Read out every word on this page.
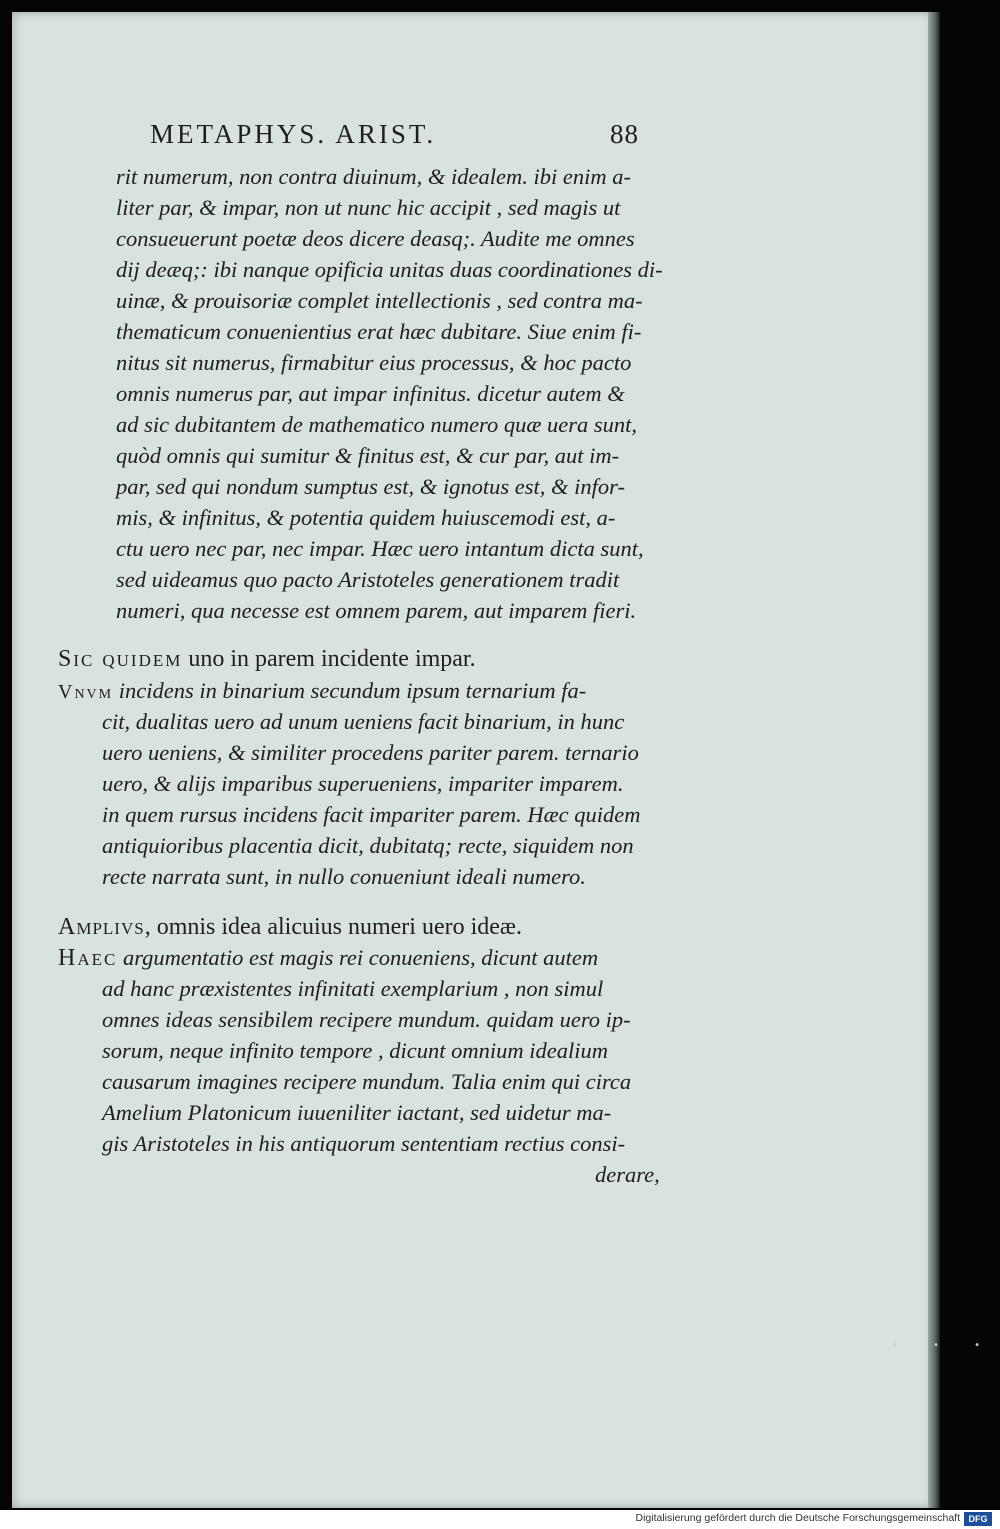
METAPHYS. ARIST.	88
rit numerum, non contra diuinum, & idealem. ibi enim a-
liter par, & impar, non ut nunc hic accipit , sed magis ut
consueuerunt poetæ deos dicere deasq;. Audite me omnes
dij deæq;: ibi nanque opificia unitas duas coordinationes di-
uinæ, & prouisoriæ complet intellectionis , sed contra ma-
thematicum conuenientius erat hæc dubitare. Siue enim fi-
nitus sit numerus, firmabitur eius processus, & hoc pacto
omnis numerus par, aut impar infinitus. dicetur autem &
ad sic dubitantem de mathematico numero quæ uera sunt,
quòd omnis qui sumitur & finitus est, & cur par, aut im-
par, sed qui nondum sumptus est, & ignotus est, & infor-
mis, & infinitus, & potentia quidem huiuscemodi est, a-
ctu uero nec par, nec impar. Hæc uero intantum dicta sunt,
sed uideamus quo pacto Aristoteles generationem tradit
numeri, qua necesse est omnem parem, aut imparem fieri.
Sic quidem uno in parem incidente impar.
Vnvm incidens in binarium secundum ipsum ternarium fa-
cit, dualitas uero ad unum ueniens facit binarium, in hunc
uero ueniens, & similiter procedens pariter parem. ternario
uero, & alijs imparibus superueniens, impariter imparem.
in quem rursus incidens facit impariter parem. Hæc quidem
antiquioribus placentia dicit, dubitatq; recte, siquidem non
recte narrata sunt, in nullo conueniunt ideali numero.
Amplivs, omnis idea alicuius numeri uero ideæ.
Haec argumentatio est magis rei conueniens, dicunt autem
ad hanc præxistentes infinitati exemplarium , non simul
omnes ideas sensibilem recipere mundum. quidam uero ip-
sorum, neque infinito tempore , dicunt omnium idealium
causarum imagines recipere mundum. Talia enim qui circa
Amelium Platonicum iuueniliter iactant, sed uidetur ma-
gis Aristoteles in his antiquorum sententiam rectius consi-
derare,
• • •
Digitalisierung gefördert durch die Deutsche Forschungsgemeinschaft DFG
